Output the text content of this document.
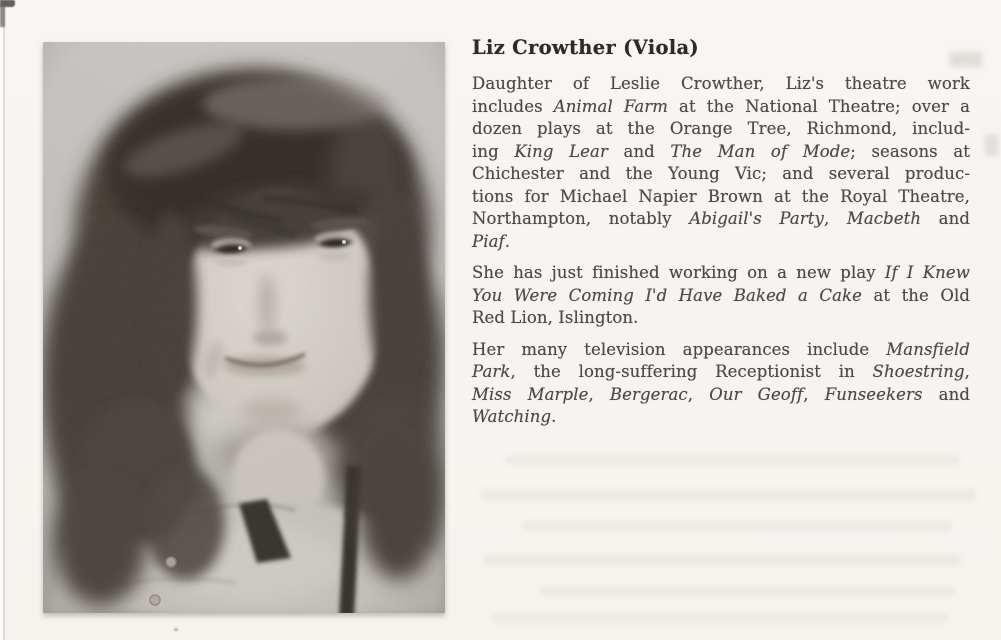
Liz Crowther (Viola)
Daughter of Leslie Crowther, Liz's theatre work
includes Animal Farm at the National Theatre; over a
dozen plays at the Orange Tree, Richmond, includ-
ing King Lear and The Man of Mode; seasons at
Chichester and the Young Vic; and several produc-
tions for Michael Napier Brown at the Royal Theatre,
Northampton, notably Abigail's Party, Macbeth and
Piaf.
She has just finished working on a new play If I Knew
You Were Coming I'd Have Baked a Cake at the Old
Red Lion, Islington.
Her many television appearances include Mansfield
Park, the long-suffering Receptionist in Shoestring,
Miss Marple, Bergerac, Our Geoff, Funseekers and
Watching.
